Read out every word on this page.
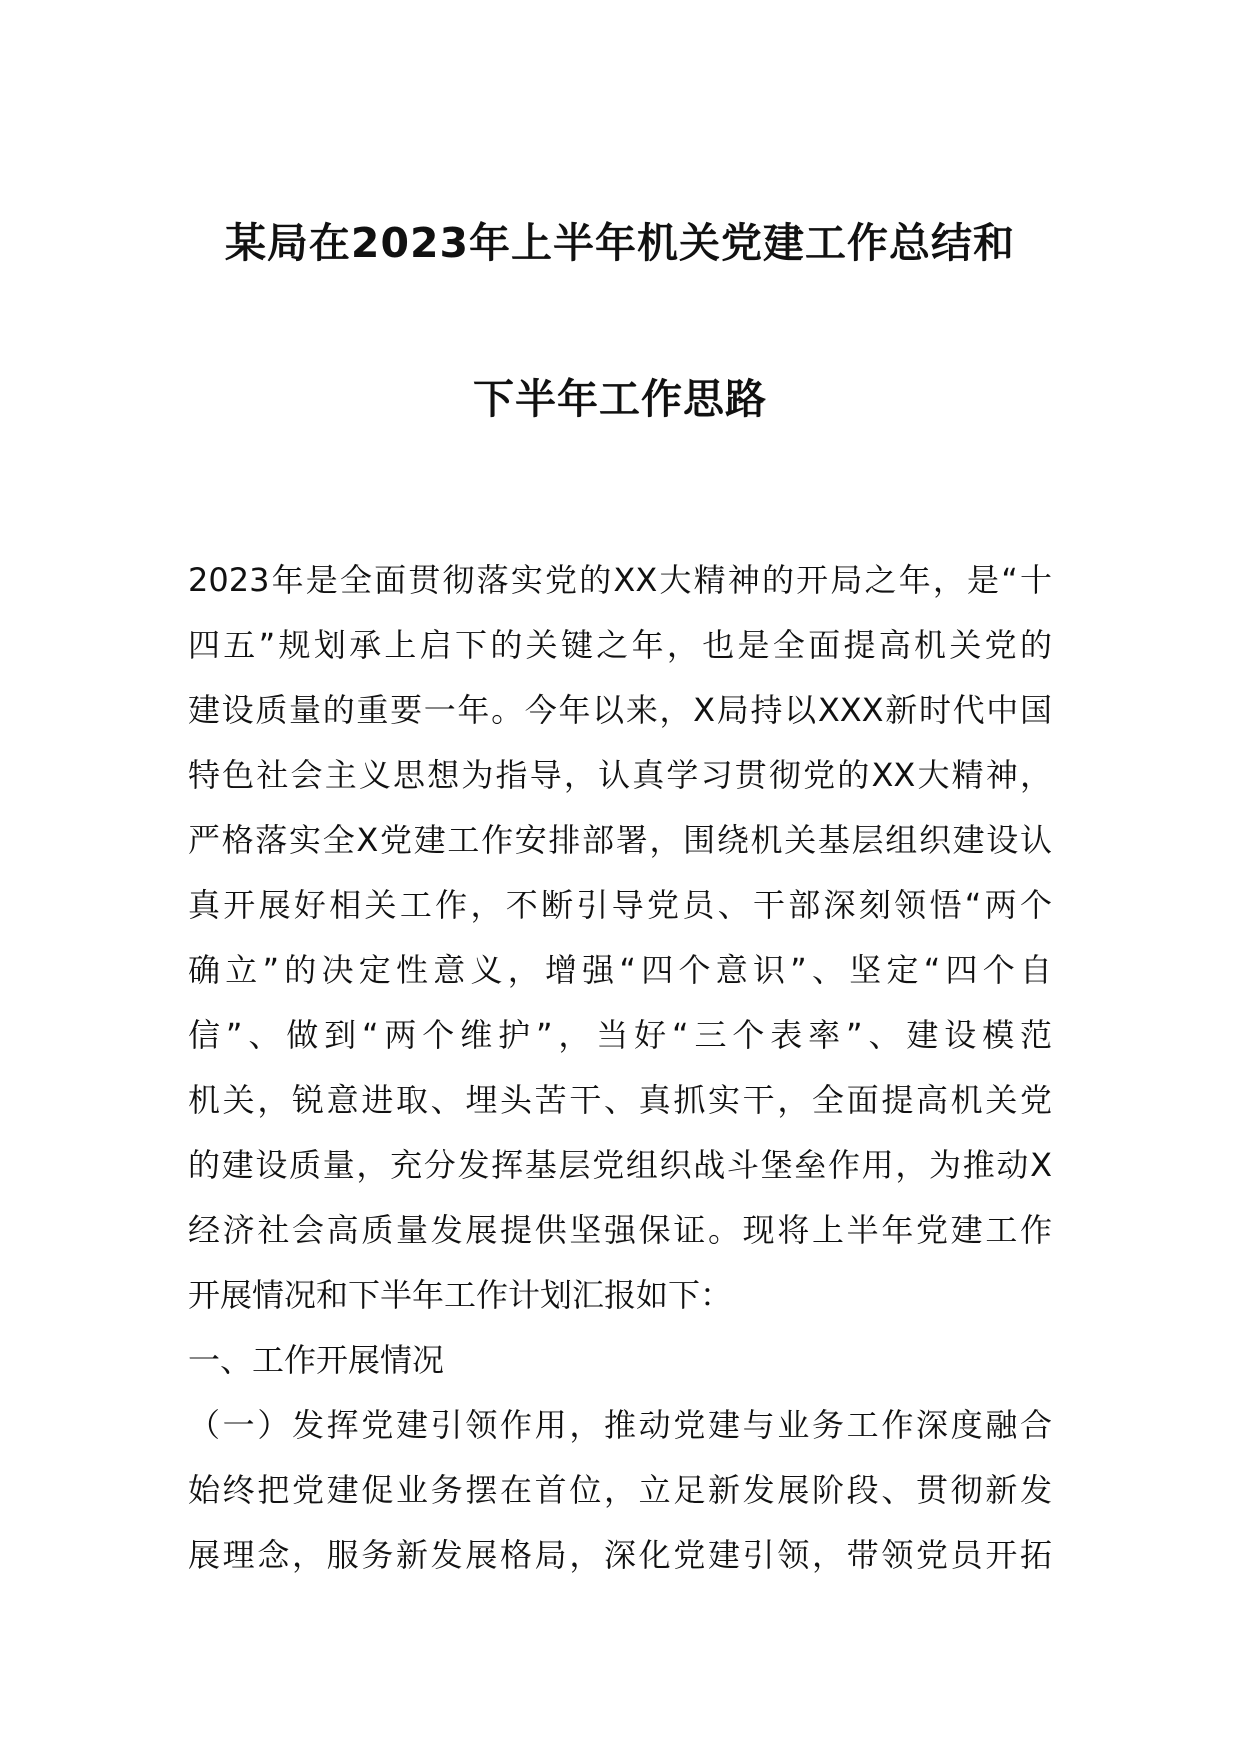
某局在2023年上半年机关党建工作总结和
下半年工作思路
2023年是全面贯彻落实党的XX大精神的开局之年，是“十
四五”规划承上启下的关键之年，也是全面提高机关党的
建设质量的重要一年。今年以来，X局持以XXX新时代中国
特色社会主义思想为指导，认真学习贯彻党的XX大精神，
严格落实全X党建工作安排部署，围绕机关基层组织建设认
真开展好相关工作，不断引导党员、干部深刻领悟“两个
确立”的决定性意义，增强“四个意识”、坚定“四个自
信”、做到“两个维护”，当好“三个表率”、建设模范
机关，锐意进取、埋头苦干、真抓实干，全面提高机关党
的建设质量，充分发挥基层党组织战斗堡垒作用，为推动X
经济社会高质量发展提供坚强保证。现将上半年党建工作
开展情况和下半年工作计划汇报如下：
一、工作开展情况
（一）发挥党建引领作用，推动党建与业务工作深度融合
始终把党建促业务摆在首位，立足新发展阶段、贯彻新发
展理念，服务新发展格局，深化党建引领，带领党员开拓
